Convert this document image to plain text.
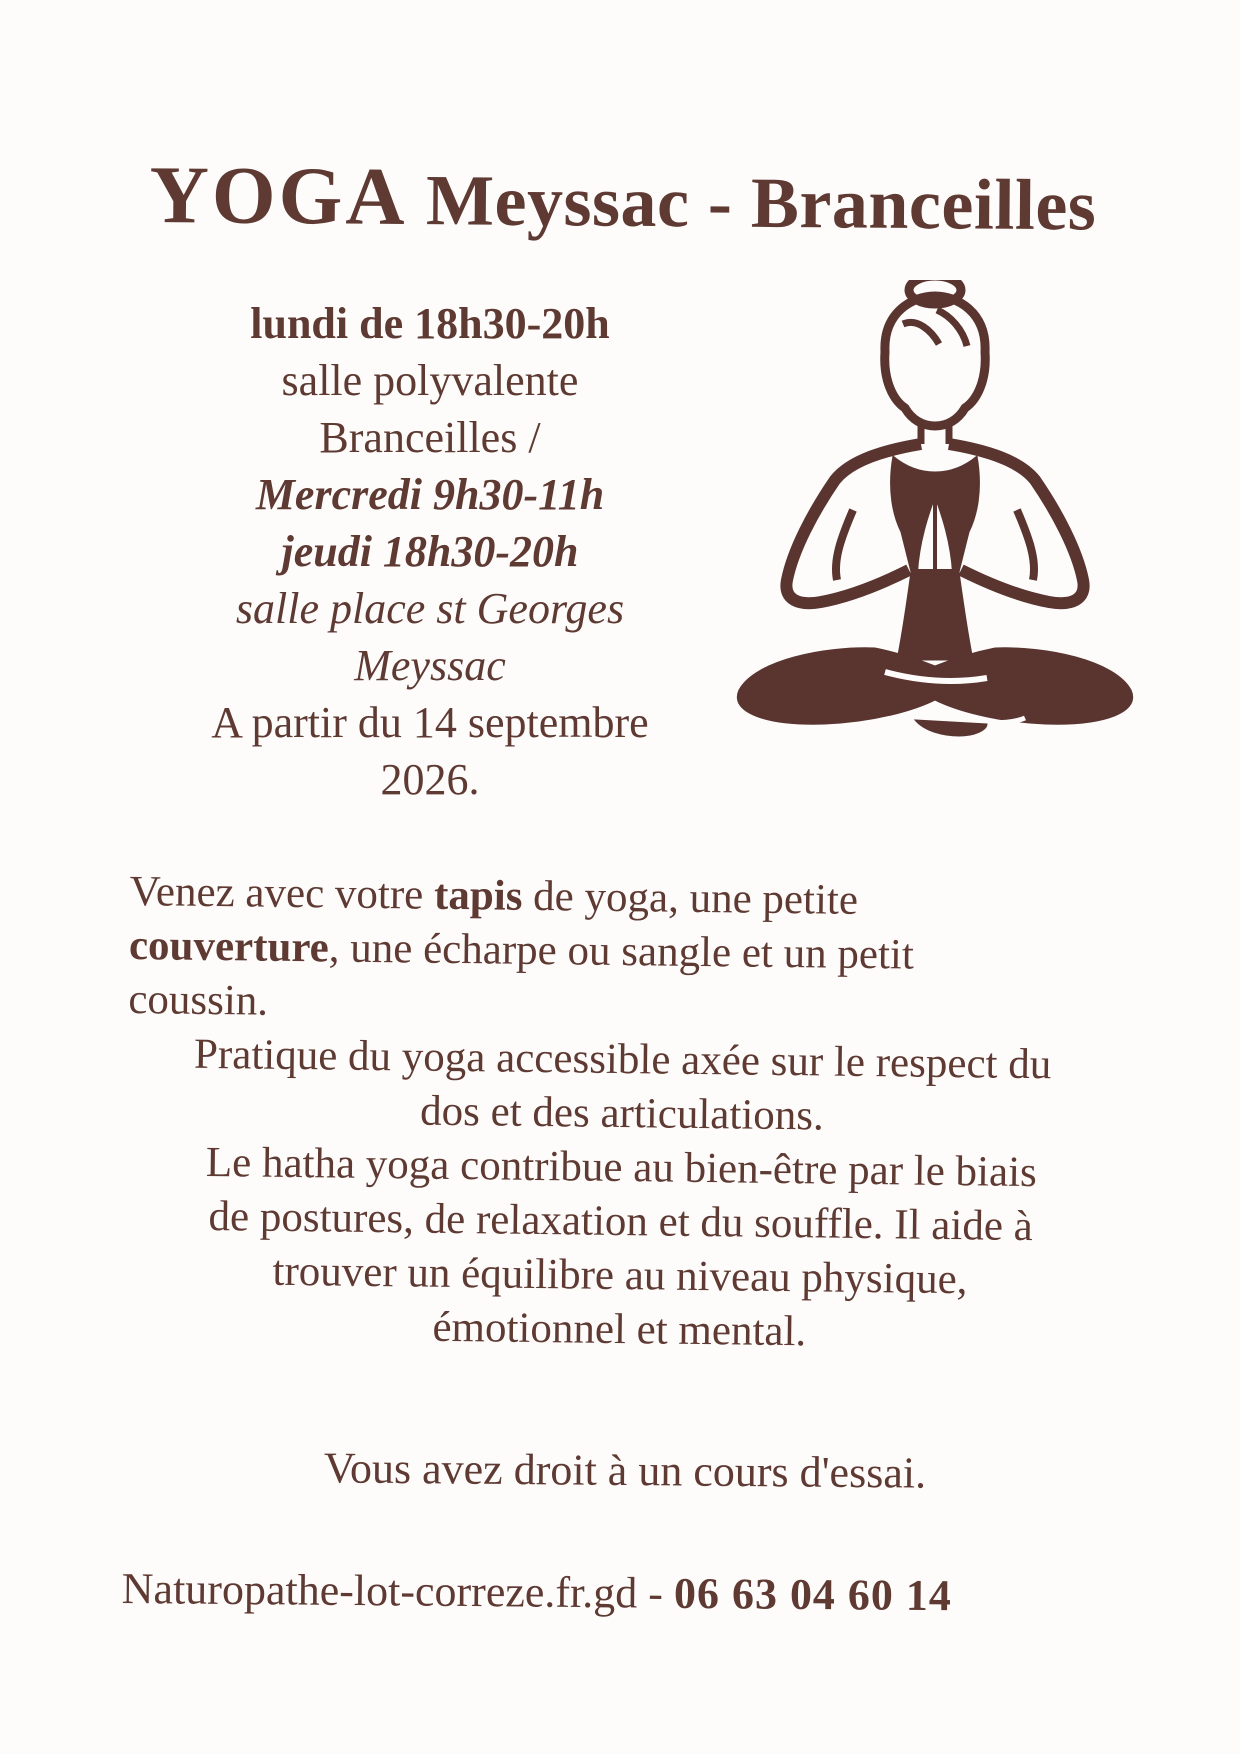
YOGA Meyssac - Branceilles
lundi de 18h30-20h
salle polyvalente
Branceilles /
Mercredi 9h30-11h
jeudi 18h30-20h
salle place st Georges
Meyssac
A partir du 14 septembre
2026.
Venez avec votre tapis de yoga, une petite
couverture, une écharpe ou sangle et un petit
coussin.
Pratique du yoga accessible axée sur le respect du
dos et des articulations.
Le hatha yoga contribue au bien-être par le biais
de postures, de relaxation et du souffle. Il aide à
trouver un équilibre au niveau physique,
émotionnel et mental.
Vous avez droit à un cours d'essai.
Naturopathe-lot-correze.fr.gd - 06 63 04 60 14
